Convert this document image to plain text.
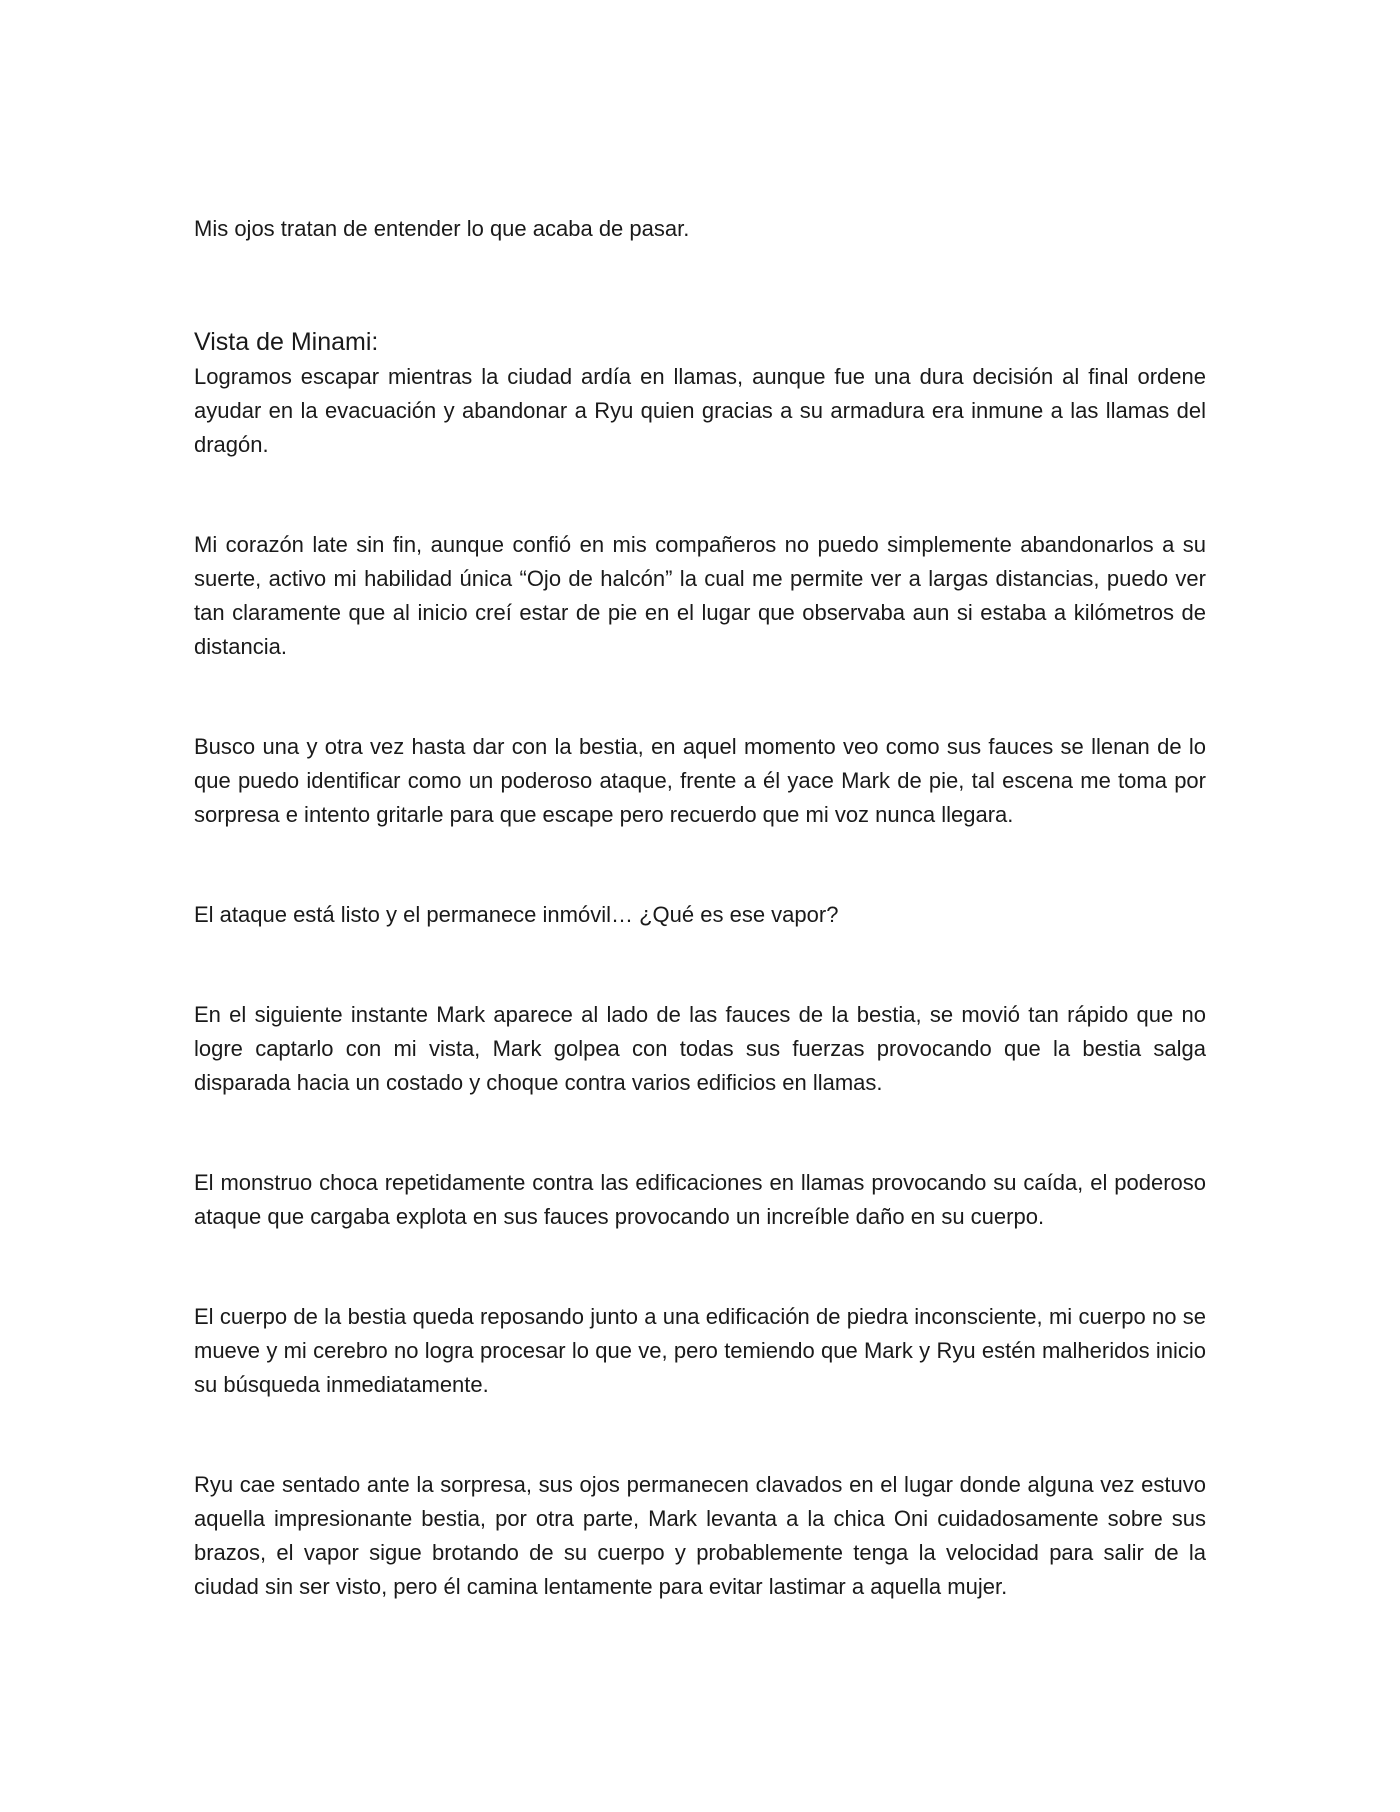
Mis ojos tratan de entender lo que acaba de pasar.

Vista de Minami:

Logramos escapar mientras la ciudad ardía en llamas, aunque fue una dura decisión al final ordene ayudar en la evacuación y abandonar a Ryu quien gracias a su armadura era inmune a las llamas del dragón.

Mi corazón late sin fin, aunque confió en mis compañeros no puedo simplemente abandonarlos a su suerte, activo mi habilidad única “Ojo de halcón” la cual me permite ver a largas distancias, puedo ver tan claramente que al inicio creí estar de pie en el lugar que observaba aun si estaba a kilómetros de distancia.

Busco una y otra vez hasta dar con la bestia, en aquel momento veo como sus fauces se llenan de lo que puedo identificar como un poderoso ataque, frente a él yace Mark de pie, tal escena me toma por sorpresa e intento gritarle para que escape pero recuerdo que mi voz nunca llegara.

El ataque está listo y el permanece inmóvil… ¿Qué es ese vapor?

En el siguiente instante Mark aparece al lado de las fauces de la bestia, se movió tan rápido que no logre captarlo con mi vista, Mark golpea con todas sus fuerzas provocando que la bestia salga disparada hacia un costado y choque contra varios edificios en llamas.

El monstruo choca repetidamente contra las edificaciones en llamas provocando su caída, el poderoso ataque que cargaba explota en sus fauces provocando un increíble daño en su cuerpo.

El cuerpo de la bestia queda reposando junto a una edificación de piedra inconsciente, mi cuerpo no se mueve y mi cerebro no logra procesar lo que ve, pero temiendo que Mark y Ryu estén malheridos inicio su búsqueda inmediatamente.

Ryu cae sentado ante la sorpresa, sus ojos permanecen clavados en el lugar donde alguna vez estuvo aquella impresionante bestia, por otra parte, Mark levanta a la chica Oni cuidadosamente sobre sus brazos, el vapor sigue brotando de su cuerpo y probablemente tenga la velocidad para salir de la ciudad sin ser visto, pero él camina lentamente para evitar lastimar a aquella mujer.
